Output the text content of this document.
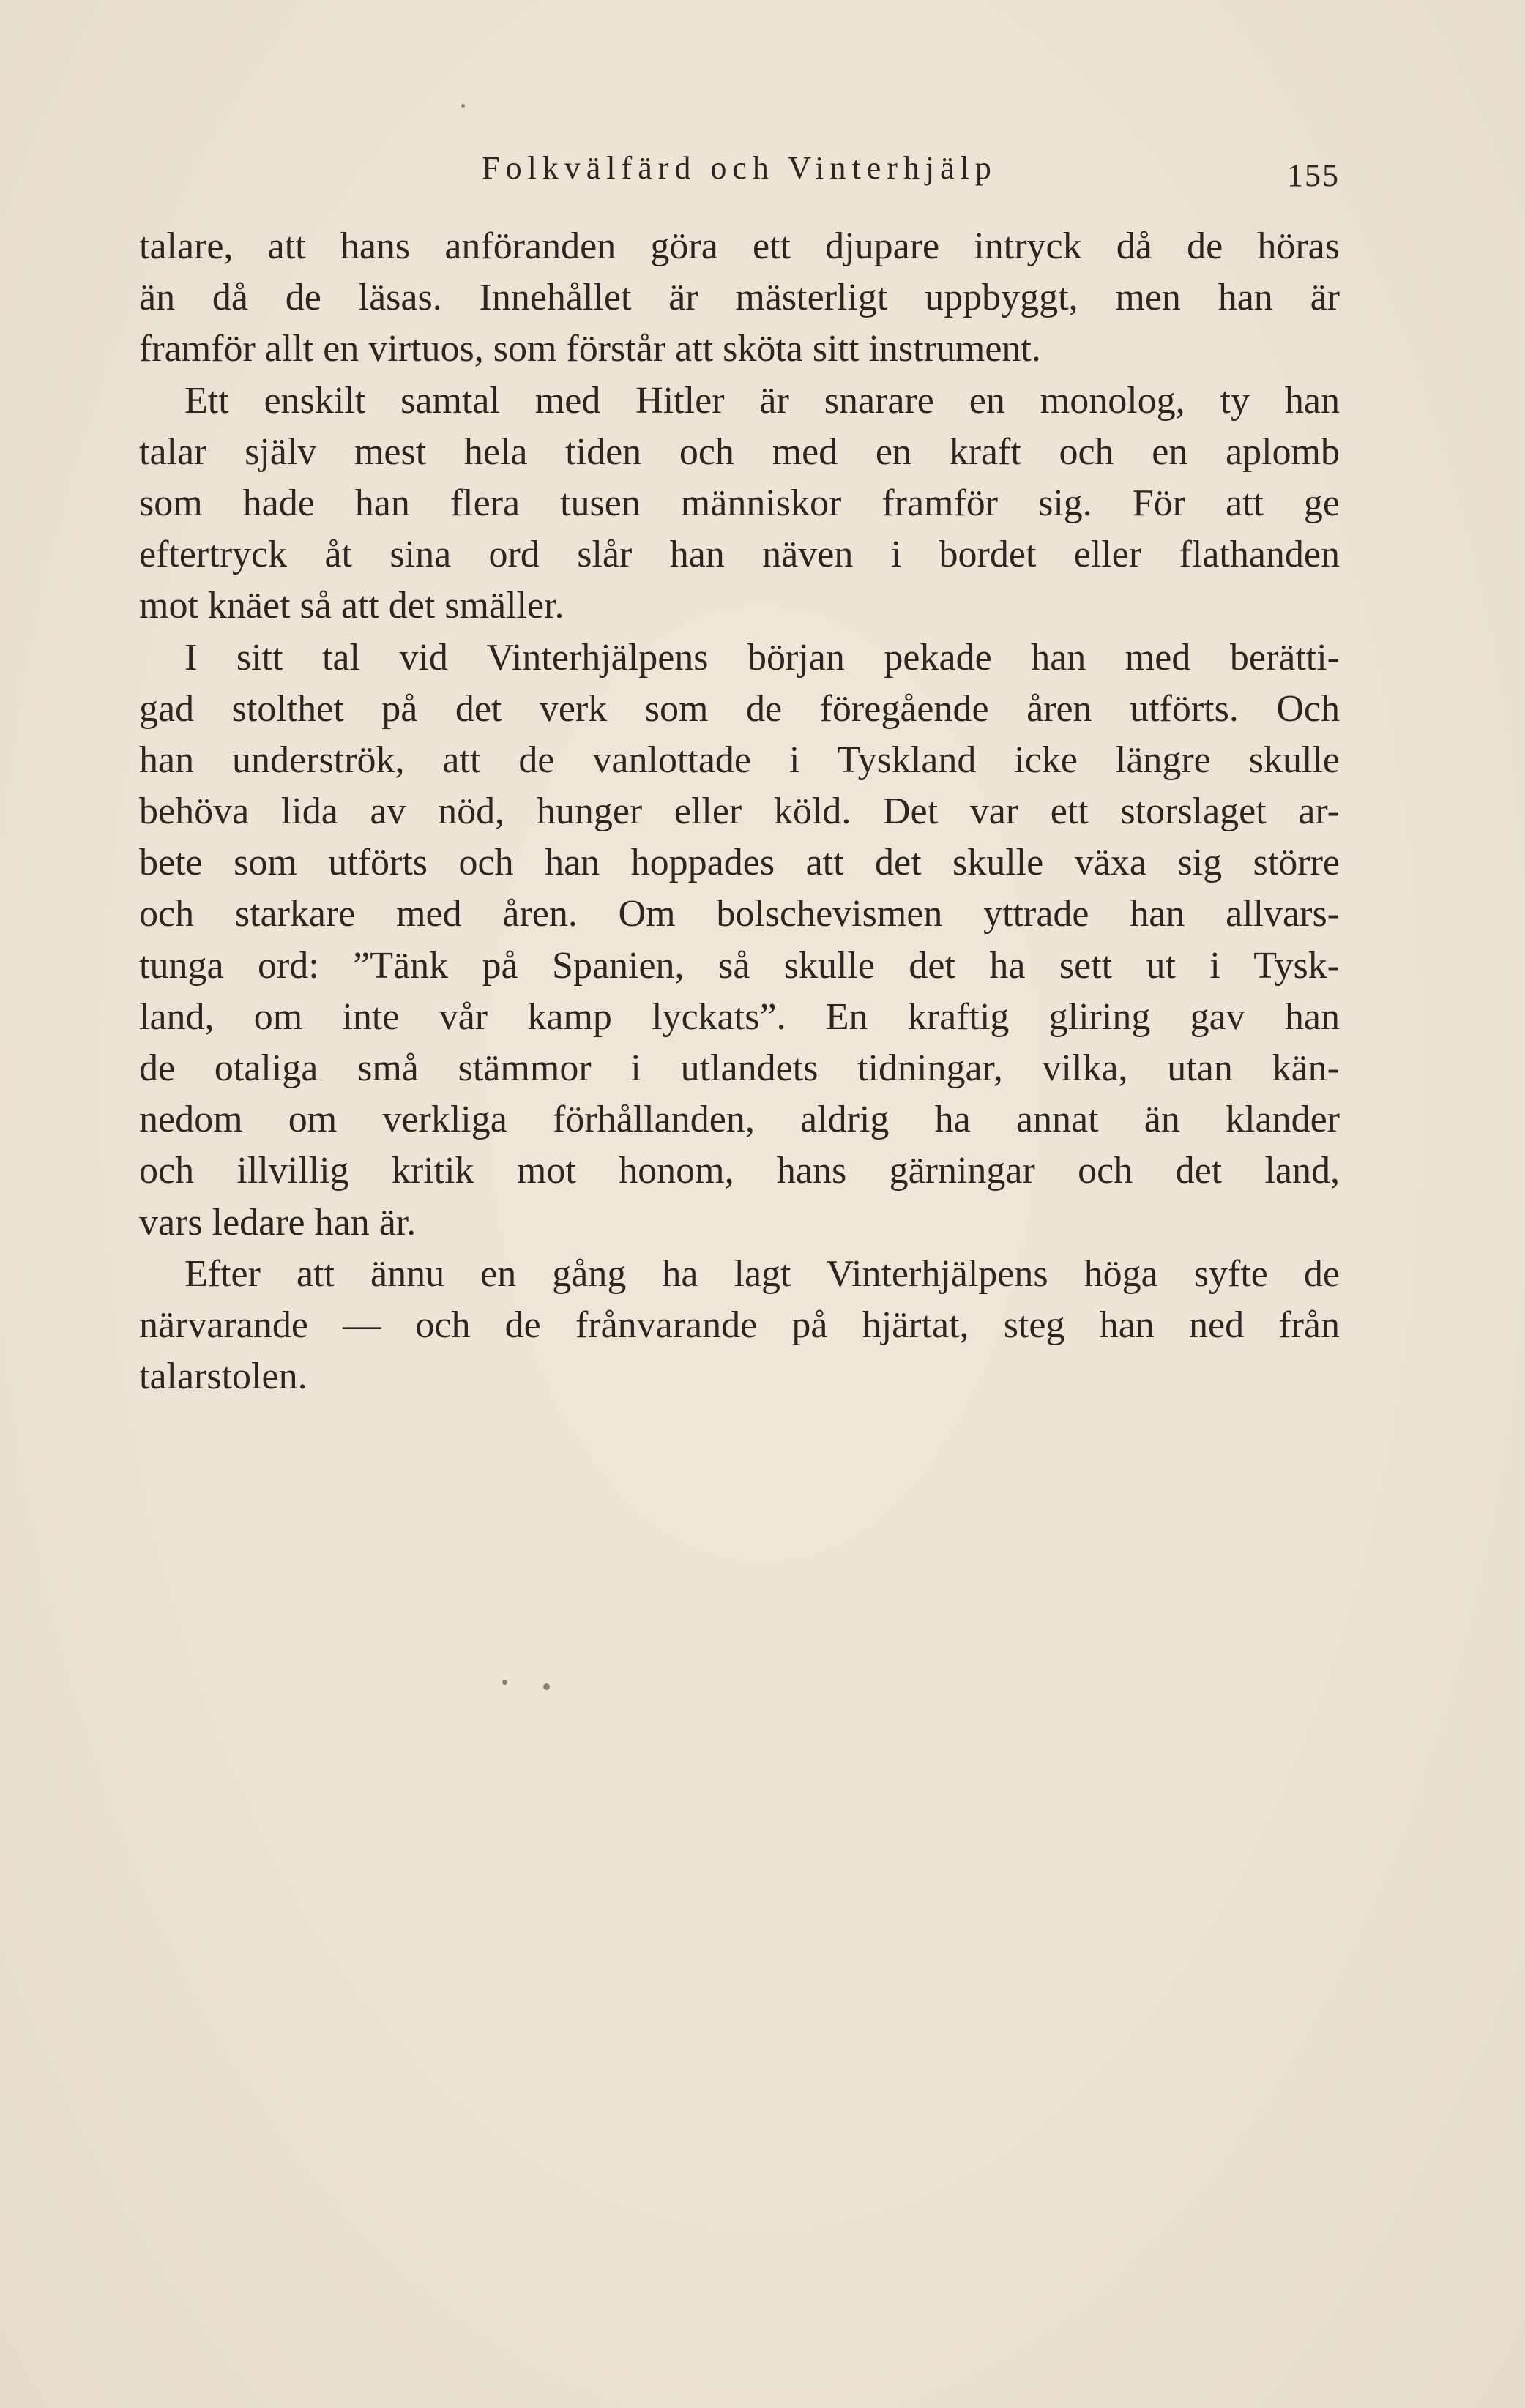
Folkvälfärd och Vinterhjälp	155
talare, att hans anföranden göra ett djupare intryck då de höras
än då de läsas. Innehållet är mästerligt uppbyggt, men han är
framför allt en virtuos, som förstår att sköta sitt instrument.
Ett enskilt samtal med Hitler är snarare en monolog, ty han
talar själv mest hela tiden och med en kraft och en aplomb
som hade han flera tusen människor framför sig. För att ge
eftertryck åt sina ord slår han näven i bordet eller flathanden
mot knäet så att det smäller.
I sitt tal vid Vinterhjälpens början pekade han med berätti-
gad stolthet på det verk som de föregående åren utförts. Och
han underströk, att de vanlottade i Tyskland icke längre skulle
behöva lida av nöd, hunger eller köld. Det var ett storslaget ar-
bete som utförts och han hoppades att det skulle växa sig större
och starkare med åren. Om bolschevismen yttrade han allvars-
tunga ord: ”Tänk på Spanien, så skulle det ha sett ut i Tysk-
land, om inte vår kamp lyckats”. En kraftig gliring gav han
de otaliga små stämmor i utlandets tidningar, vilka, utan kän-
nedom om verkliga förhållanden, aldrig ha annat än klander
och illvillig kritik mot honom, hans gärningar och det land,
vars ledare han är.
Efter att ännu en gång ha lagt Vinterhjälpens höga syfte de
närvarande — och de frånvarande på hjärtat, steg han ned från
talarstolen.
